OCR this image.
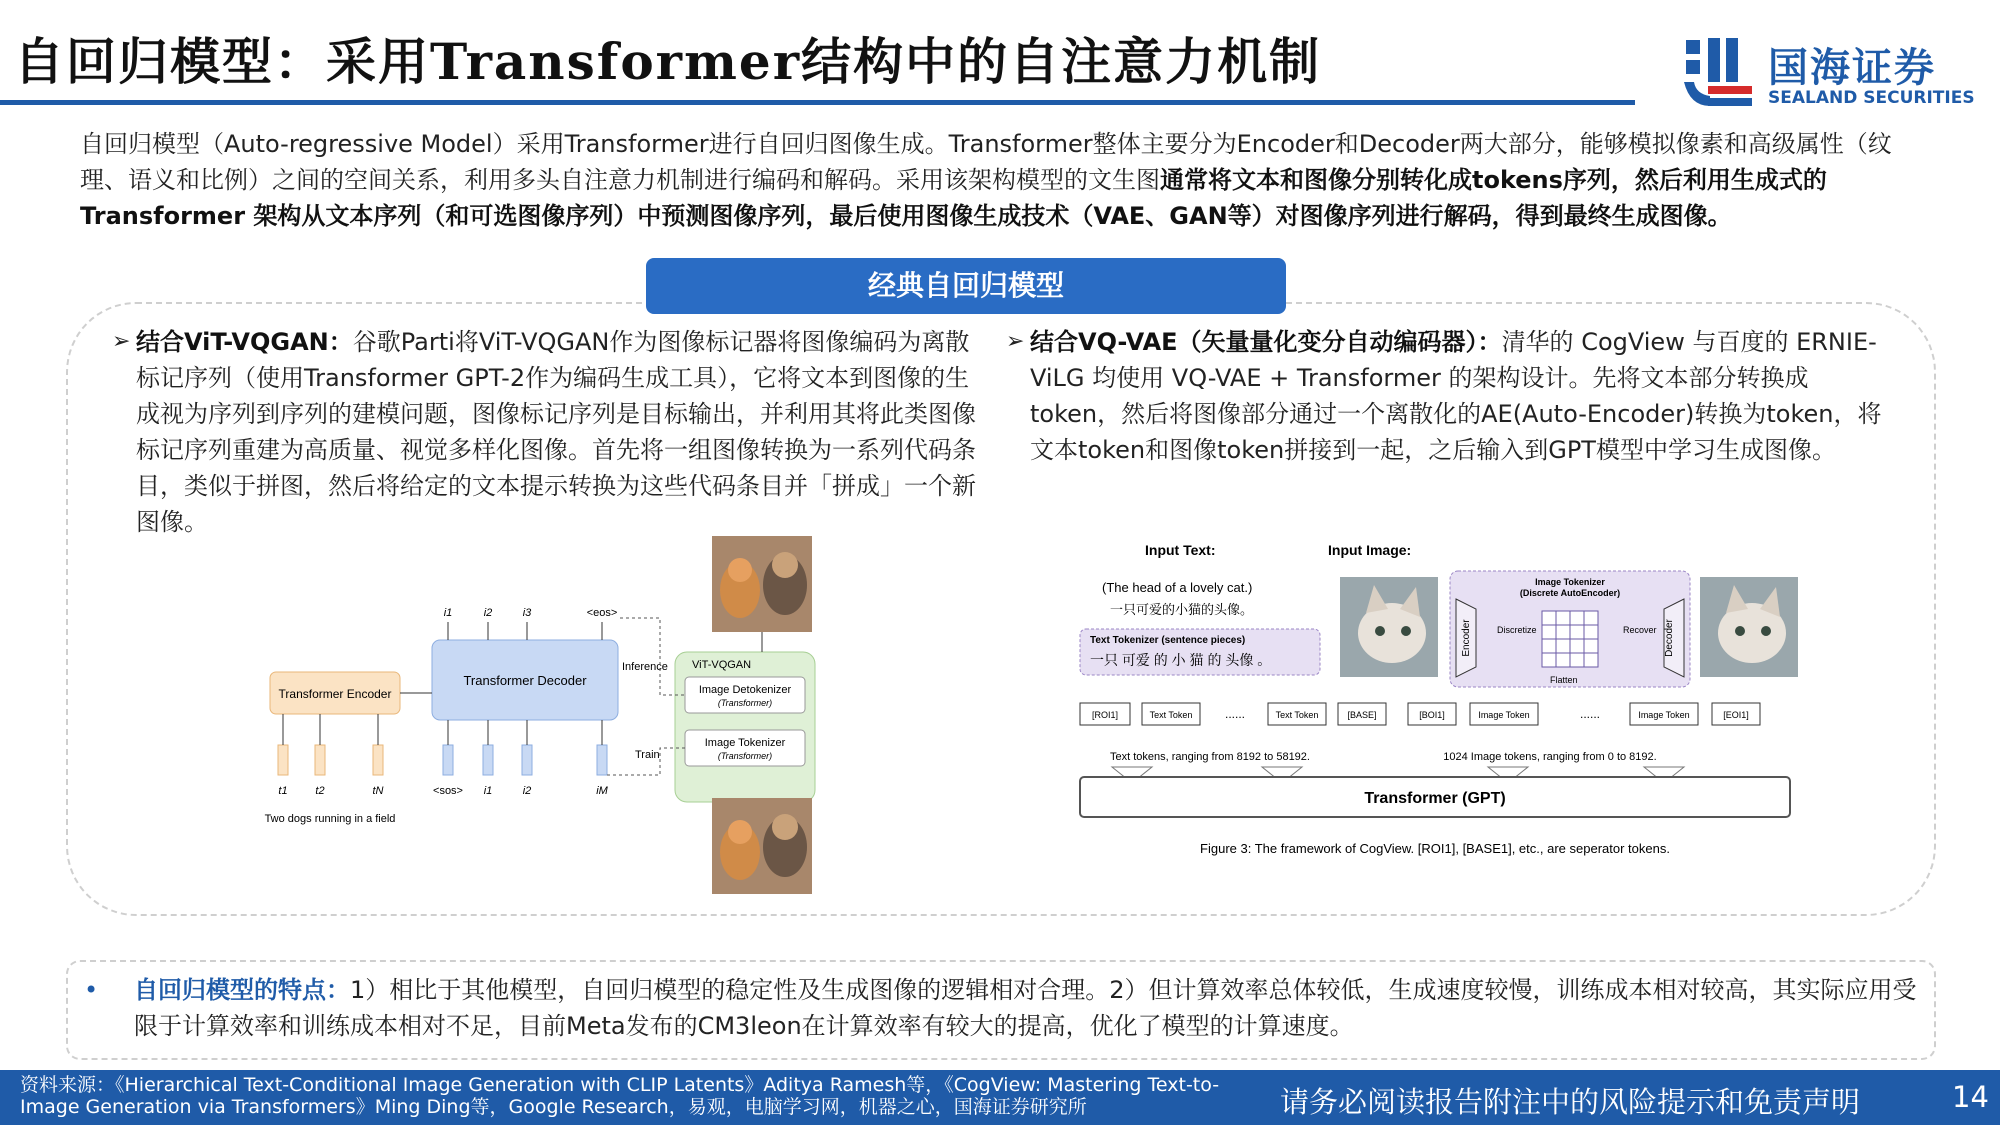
自回归模型：采用Transformer结构中的自注意力机制	国海证券
SEALAND SECURITIES
自回归模型（Auto-regressive Model）采用Transformer进行自回归图像生成。Transformer整体主要分为Encoder和Decoder两大部分，能够模拟像素和高级属性（纹理、语义和比例）之间的空间关系，利用多头自注意力机制进行编码和解码。采用该架构模型的文生图通常将文本和图像分别转化成tokens序列，然后利用生成式的 Transformer 架构从文本序列（和可选图像序列）中预测图像序列，最后使用图像生成技术（VAE、GAN等）对图像序列进行解码，得到最终生成图像。
经典自回归模型
➢ 结合ViT-VQGAN：谷歌Parti将ViT-VQGAN作为图像标记器将图像编码为离散标记序列（使用Transformer GPT-2作为编码生成工具），它将文本到图像的生成视为序列到序列的建模问题，图像标记序列是目标输出，并利用其将此类图像标记序列重建为高质量、视觉多样化图像。首先将一组图像转换为一系列代码条目，类似于拼图，然后将给定的文本提示转换为这些代码条目并「拼成」一个新图像。
➢ 结合VQ-VAE（矢量量化变分自动编码器）：清华的 CogView 与百度的 ERNIE-ViLG 均使用 VQ-VAE + Transformer 的架构设计。先将文本部分转换成token，然后将图像部分通过一个离散化的AE(Auto-Encoder)转换为token，将文本token和图像token拼接到一起，之后输入到GPT模型中学习生成图像。
Transformer Encoder
Transformer Decoder
t1	t2	tN
Two dogs running in a field
<sos> i1	i2	iM
i1	i2	i3	<eos>
ViT-VQGAN
Image Detokenizer
(Transformer)
Image Tokenizer
(Transformer)
Inference
Train
Input Text:	Input Image:
(The head of a lovely cat.)
一只可爱的小猫的头像。
Text Tokenizer (sentence pieces)
一只 可爱 的 小 猫 的 头像 。
Image Tokenizer
(Discrete AutoEncoder)
Encoder	Decoder
Discretize	Recover
Flatten
[ROI1]	Text Token	......	Text Token	[BASE]	[BOI1]	Image Token	......	Image Token	[EOI1]
Text tokens, ranging from 8192 to 58192.	1024 Image tokens, ranging from 0 to 8192.
Transformer (GPT)
Figure 3: The framework of CogView. [ROI1], [BASE1], etc., are seperator tokens.
• 自回归模型的特点：1）相比于其他模型，自回归模型的稳定性及生成图像的逻辑相对合理。2）但计算效率总体较低，生成速度较慢，训练成本相对较高，其实际应用受限于计算效率和训练成本相对不足，目前Meta发布的CM3leon在计算效率有较大的提高，优化了模型的计算速度。
资料来源：《Hierarchical Text-Conditional Image Generation with CLIP Latents》Aditya Ramesh等，《CogView: Mastering Text-to-Image Generation via Transformers》Ming Ding等，Google Research，易观，电脑学习网，机器之心，国海证券研究所	请务必阅读报告附注中的风险提示和免责声明	14
